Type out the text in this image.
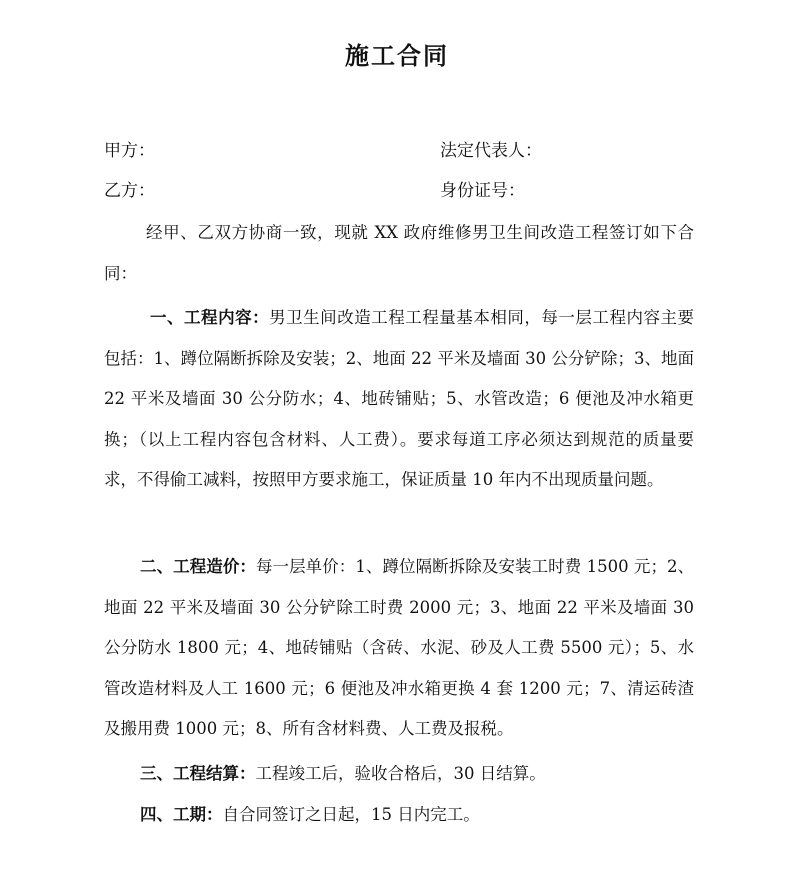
施工合同
甲方：	法定代表人：
乙方：	身份证号：

经甲、乙双方协商一致，现就 XX 政府维修男卫生间改造工程签订如下合同：

一、工程内容：男卫生间改造工程工程量基本相同，每一层工程内容主要包括：1、蹲位隔断拆除及安装；2、地面 22 平米及墙面 30 公分铲除；3、地面 22 平米及墙面 30 公分防水；4、地砖铺贴；5、水管改造；6 便池及冲水箱更换；（以上工程内容包含材料、人工费）。要求每道工序必须达到规范的质量要求，不得偷工减料，按照甲方要求施工，保证质量 10 年内不出现质量问题。

二、工程造价：每一层单价：1、蹲位隔断拆除及安装工时费 1500 元；2、地面 22 平米及墙面 30 公分铲除工时费 2000 元；3、地面 22 平米及墙面 30 公分防水 1800 元；4、地砖铺贴（含砖、水泥、砂及人工费 5500 元）；5、水管改造材料及人工 1600 元；6 便池及冲水箱更换 4 套 1200 元；7、清运砖渣及搬用费 1000 元；8、所有含材料费、人工费及报税。

三、工程结算：工程竣工后，验收合格后，30 日结算。

四、工期：自合同签订之日起，15 日内完工。
